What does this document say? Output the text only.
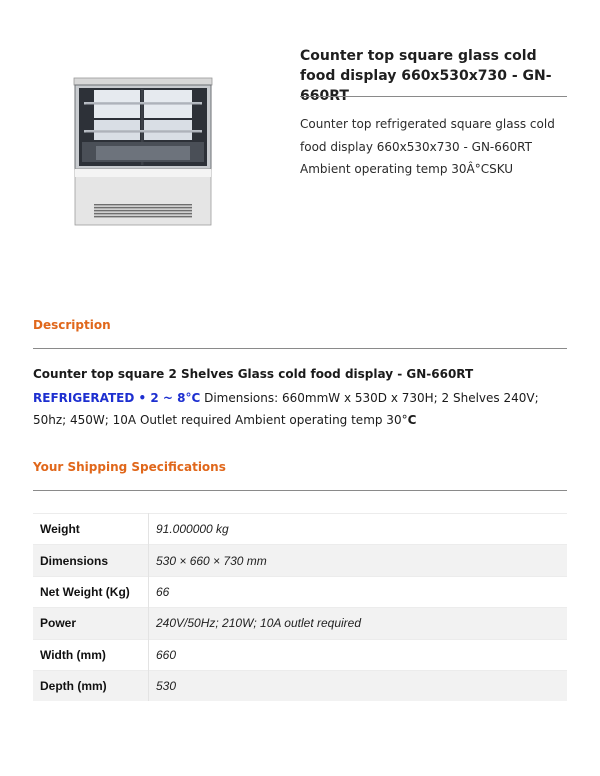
Counter top square glass cold food display 660x530x730 - GN-660RT
Counter top refrigerated square glass cold food display 660x530x730 - GN-660RT Ambient operating temp 30Â°CSKU
Description
Counter top square 2 Shelves Glass cold food display - GN-660RT
REFRIGERATED • 2 ~ 8°C Dimensions: 660mmW x 530D x 730H; 2 Shelves 240V; 50hz; 450W; 10A Outlet required Ambient operating temp 30°C
Your Shipping Specifications
Weight	91.000000 kg
Dimensions	530 × 660 × 730 mm
Net Weight (Kg)	66
Power	240V/50Hz; 210W; 10A outlet required
Width (mm)	660
Depth (mm)	530
